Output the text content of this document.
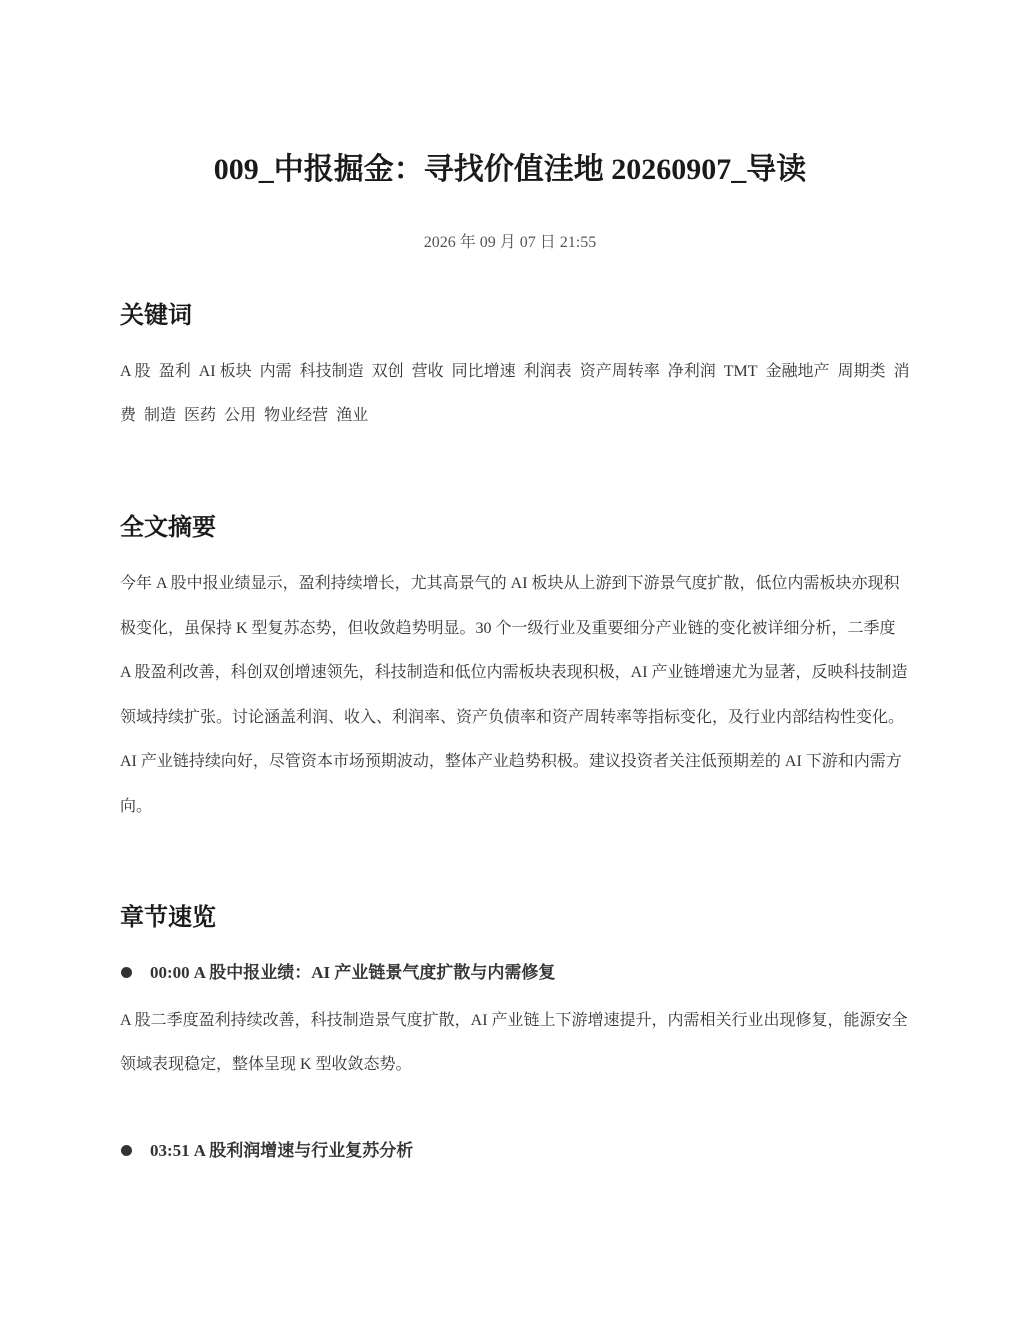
009_中报掘金：寻找价值洼地 20260907_导读
2026 年 09 月 07 日 21:55
关键词
A 股 盈利 AI 板块 内需 科技制造 双创 营收 同比增速 利润表 资产周转率 净利润 TMT 金融地产 周期类 消费 制造 医药 公用 物业经营 渔业
全文摘要

今年 A 股中报业绩显示，盈利持续增长，尤其高景气的 AI 板块从上游到下游景气度扩散，低位内需板块亦现积极变化，虽保持 K 型复苏态势，但收敛趋势明显。30 个一级行业及重要细分产业链的变化被详细分析，二季度 A 股盈利改善，科创双创增速领先，科技制造和低位内需板块表现积极，AI 产业链增速尤为显著，反映科技制造领域持续扩张。讨论涵盖利润、收入、利润率、资产负债率和资产周转率等指标变化，及行业内部结构性变化。AI 产业链持续向好，尽管资本市场预期波动，整体产业趋势积极。建议投资者关注低预期差的 AI 下游和内需方向。

章节速览
00:00 A 股中报业绩：AI 产业链景气度扩散与内需修复

A 股二季度盈利持续改善，科技制造景气度扩散，AI 产业链上下游增速提升，内需相关行业出现修复，能源安全领域表现稳定，整体呈现 K 型收敛态势。

03:51 A 股利润增速与行业复苏分析
